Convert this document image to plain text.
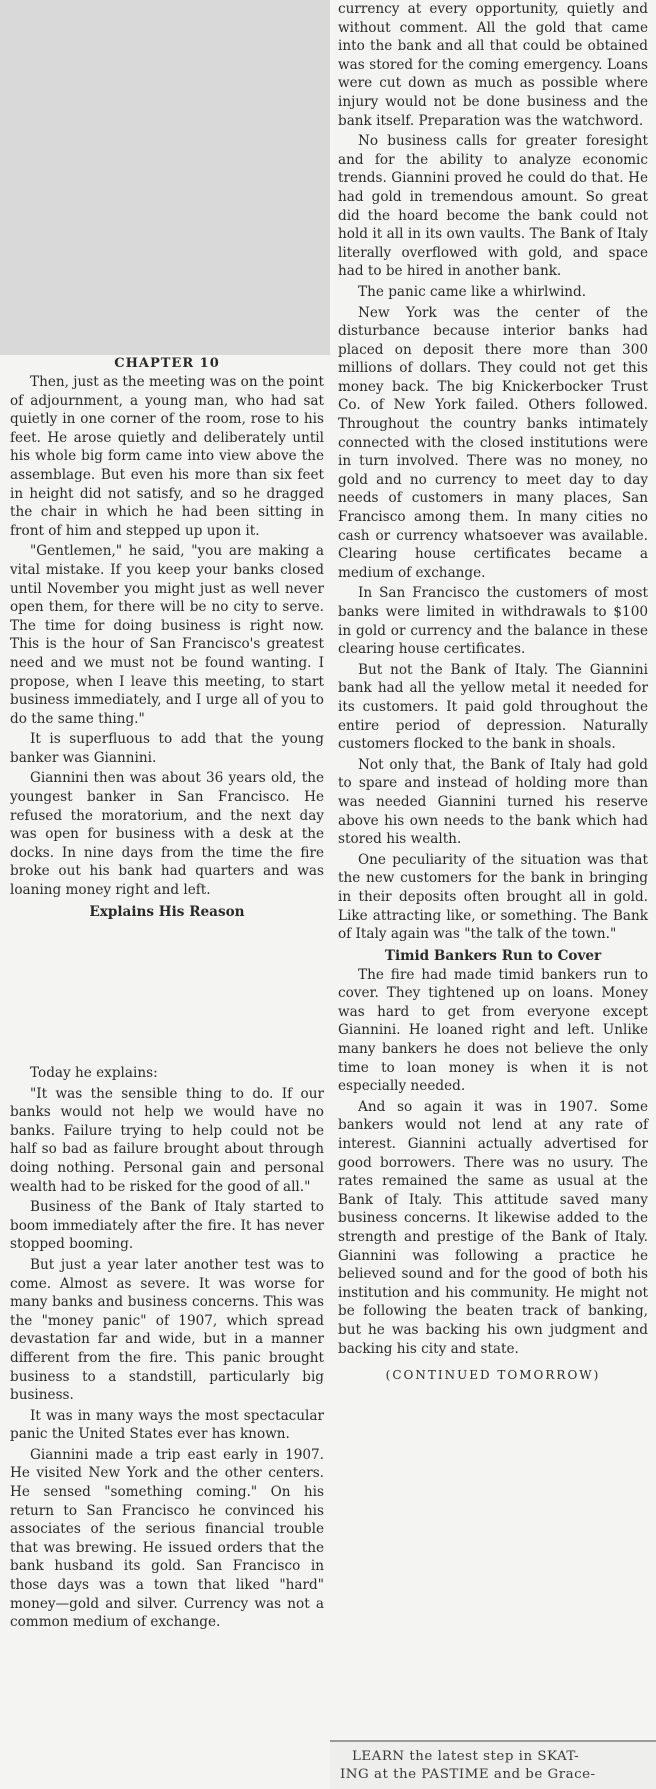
currency at every opportunity, quietly and without comment. All the gold that came into the bank and all that could be obtained was stored for the coming emergency. Loans were cut down as much as possible where injury would not be done business and the bank itself. Preparation was the watchword.

No business calls for greater foresight and for the ability to analyze economic trends. Giannini proved he could do that. He had gold in tremendous amount. So great did the hoard become the bank could not hold it all in its own vaults. The Bank of Italy literally overflowed with gold, and space had to be hired in another bank.

The panic came like a whirlwind.

New York was the center of the disturbance because interior banks had placed on deposit there more than 300 millions of dollars. They could not get this money back. The big Knickerbocker Trust Co. of New York failed. Others followed. Throughout the country banks intimately connected with the closed institutions were in turn involved. There was no money, no gold and no currency to meet day to day needs of customers in many places, San Francisco among them. In many cities no cash or currency whatsoever was available. Clearing house certificates became a medium of exchange.

In San Francisco the customers of most banks were limited in withdrawals to $100 in gold or currency and the balance in these clearing house certificates.

But not the Bank of Italy. The Giannini bank had all the yellow metal it needed for its customers. It paid gold throughout the entire period of depression. Naturally customers flocked to the bank in shoals.

Not only that, the Bank of Italy had gold to spare and instead of holding more than was needed Giannini turned his reserve above his own needs to the bank which had stored his wealth.

One peculiarity of the situation was that the new customers for the bank in bringing in their deposits often brought all in gold. Like attracting like, or something. The Bank of Italy again was "the talk of the town."

Timid Bankers Run to Cover

The fire had made timid bankers run to cover. They tightened up on loans. Money was hard to get from everyone except Giannini. He loaned right and left. Unlike many bankers he does not believe the only time to loan money is when it is not especially needed.

And so again it was in 1907. Some bankers would not lend at any rate of interest. Giannini actually advertised for good borrowers. There was no usury. The rates remained the same as usual at the Bank of Italy. This attitude saved many business concerns. It likewise added to the strength and prestige of the Bank of Italy. Giannini was following a practice he believed sound and for the good of both his institution and his community. He might not be following the beaten track of banking, but he was backing his own judgment and backing his city and state.

(CONTINUED TOMORROW)
CHAPTER 10

Then, just as the meeting was on the point of adjournment, a young man, who had sat quietly in one corner of the room, rose to his feet. He arose quietly and deliberately until his whole big form came into view above the assemblage. But even his more than six feet in height did not satisfy, and so he dragged the chair in which he had been sitting in front of him and stepped up upon it.

"Gentlemen," he said, "you are making a vital mistake. If you keep your banks closed until November you might just as well never open them, for there will be no city to serve. The time for doing business is right now. This is the hour of San Francisco's greatest need and we must not be found wanting. I propose, when I leave this meeting, to start business immediately, and I urge all of you to do the same thing."

It is superfluous to add that the young banker was Giannini.

Giannini then was about 36 years old, the youngest banker in San Francisco. He refused the moratorium, and the next day was open for business with a desk at the docks. In nine days from the time the fire broke out his bank had quarters and was loaning money right and left.

Explains His Reason

Today he explains:

"It was the sensible thing to do. If our banks would not help we would have no banks. Failure trying to help could not be half so bad as failure brought about through doing nothing. Personal gain and personal wealth had to be risked for the good of all."

Business of the Bank of Italy started to boom immediately after the fire. It has never stopped booming.

But just a year later another test was to come. Almost as severe. It was worse for many banks and business concerns. This was the "money panic" of 1907, which spread devastation far and wide, but in a manner different from the fire. This panic brought business to a standstill, particularly big business.

It was in many ways the most spectacular panic the United States ever has known.

Giannini made a trip east early in 1907. He visited New York and the other centers. He sensed "something coming." On his return to San Francisco he convinced his associates of the serious financial trouble that was brewing. He issued orders that the bank husband its gold. San Francisco in those days was a town that liked "hard" money—gold and silver. Currency was not a common medium of exchange.

LEARN the latest step in SKAT-
ING at the PASTIME and be Grace-
